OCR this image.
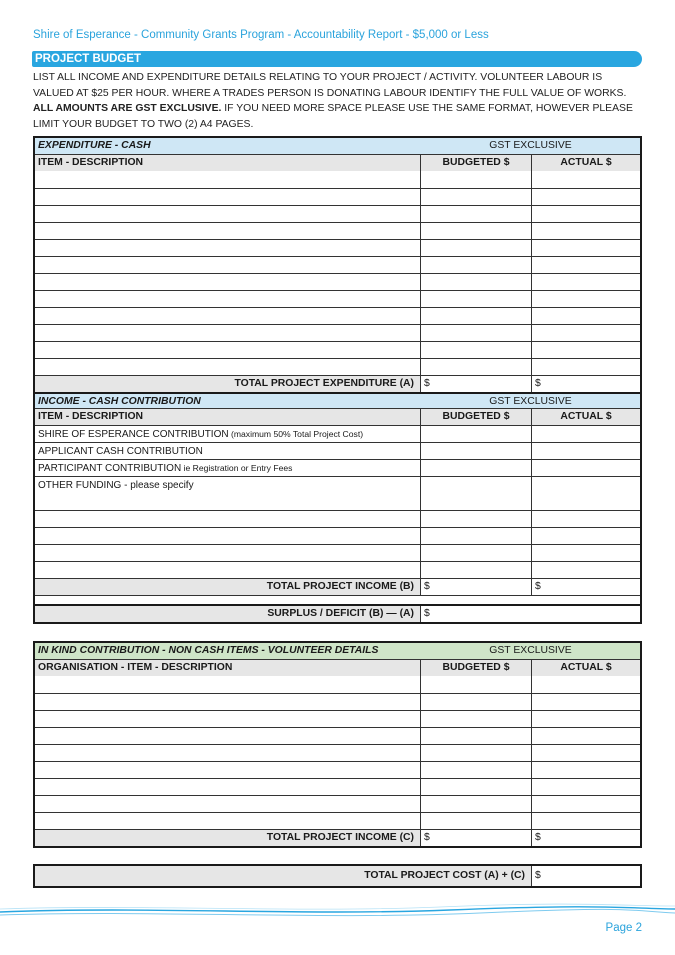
Shire of Esperance - Community Grants Program - Accountability Report - $5,000 or Less
PROJECT BUDGET
LIST ALL INCOME AND EXPENDITURE DETAILS RELATING TO YOUR PROJECT / ACTIVITY. VOLUNTEER LABOUR IS VALUED AT $25 PER HOUR. WHERE A TRADES PERSON IS DONATING LABOUR IDENTIFY THE FULL VALUE OF WORKS. ALL AMOUNTS ARE GST EXCLUSIVE. IF YOU NEED MORE SPACE PLEASE USE THE SAME FORMAT, HOWEVER PLEASE LIMIT YOUR BUDGET TO TWO (2) A4 PAGES.
EXPENDITURE - CASH	GST EXCLUSIVE
ITEM - DESCRIPTION	BUDGETED $	ACTUAL $
TOTAL PROJECT EXPENDITURE (A) $	$
INCOME - CASH CONTRIBUTION	GST EXCLUSIVE
ITEM - DESCRIPTION	BUDGETED $	ACTUAL $
SHIRE OF ESPERANCE CONTRIBUTION (maximum 50% Total Project Cost)
APPLICANT CASH CONTRIBUTION
PARTICIPANT CONTRIBUTION ie Registration or Entry Fees
OTHER FUNDING - please specify
TOTAL PROJECT INCOME (B) $	$
SURPLUS / DEFICIT (B) — (A) $
IN KIND CONTRIBUTION - NON CASH ITEMS - VOLUNTEER DETAILS	GST EXCLUSIVE
ORGANISATION - ITEM - DESCRIPTION	BUDGETED $	ACTUAL $
TOTAL PROJECT INCOME (C) $	$
TOTAL PROJECT COST (A) + (C) $
Page 2
